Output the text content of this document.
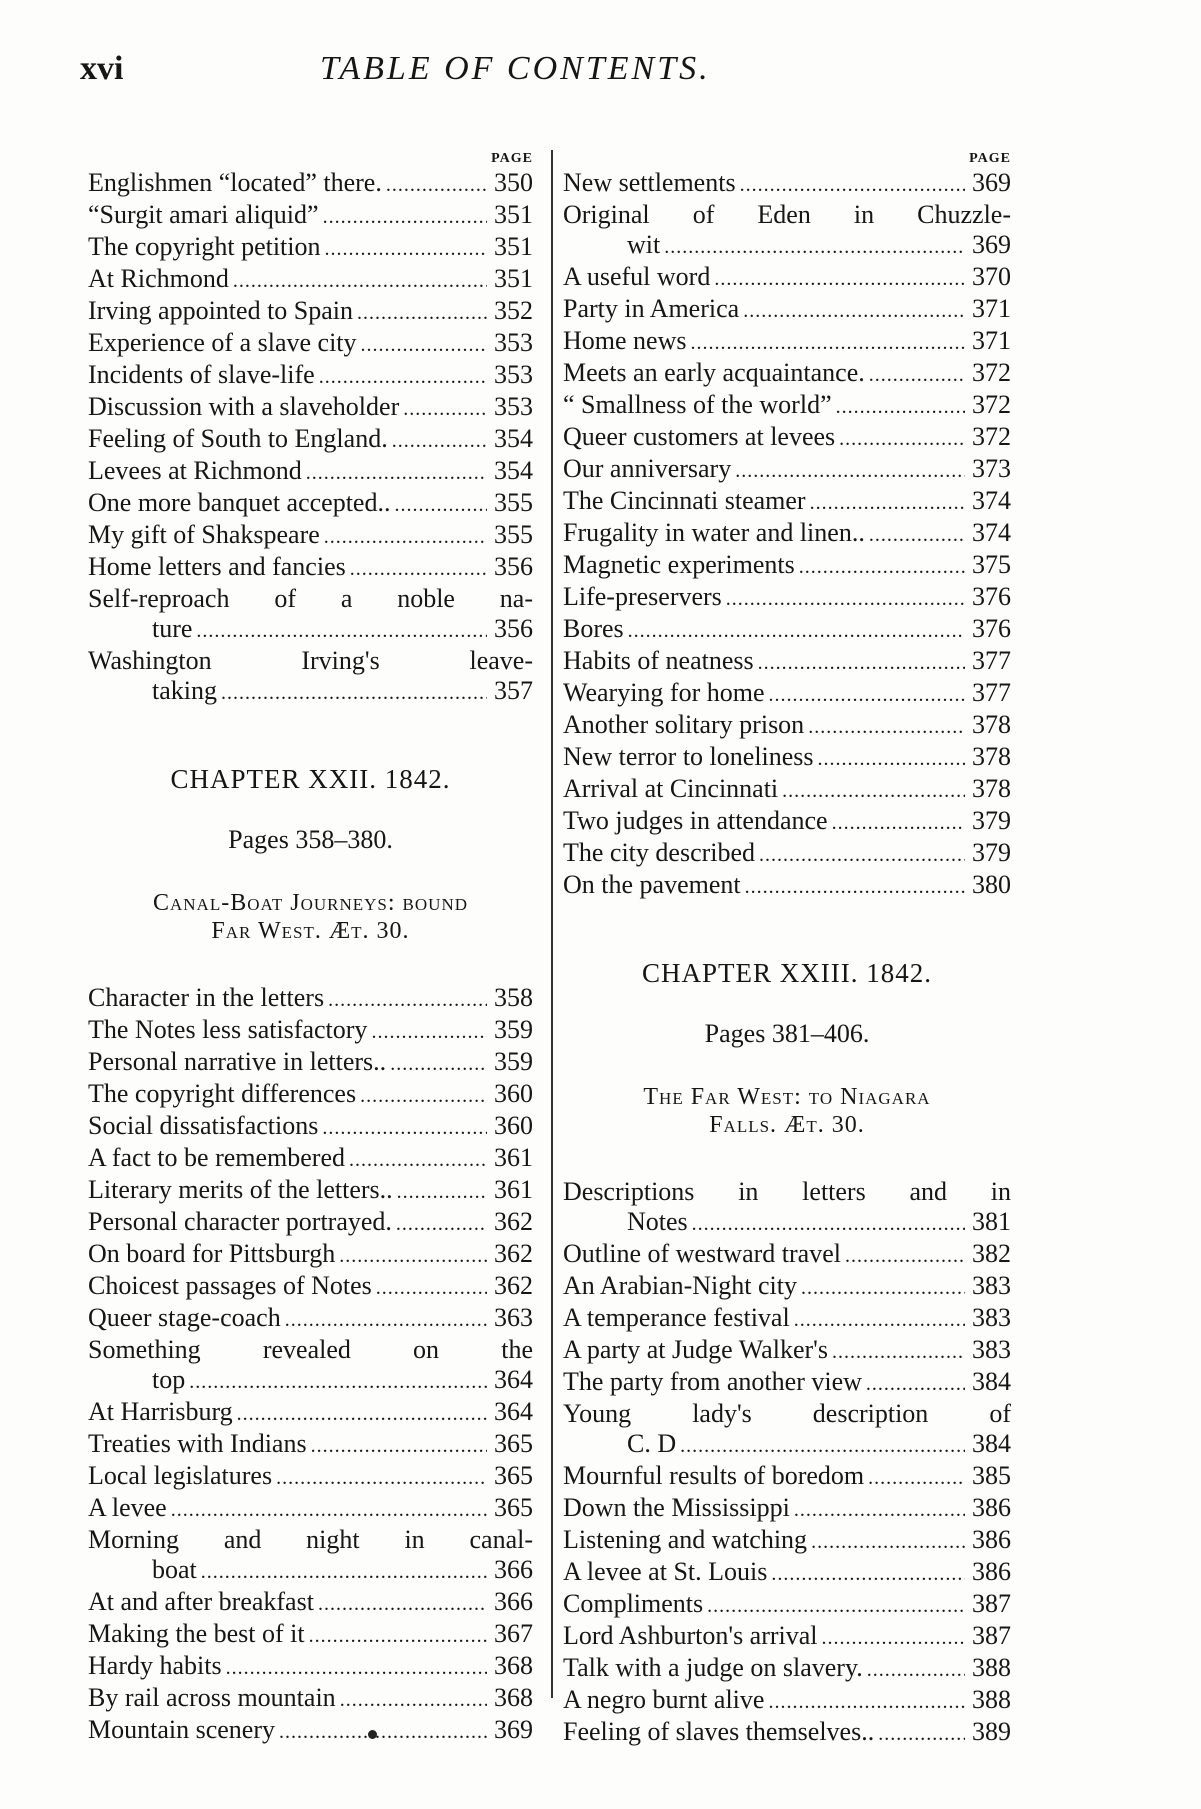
xvi	TABLE OF CONTENTS.
PAGE
Englishmen “located” there. .....	350
“Surgit amari aliquid” .....	351
The copyright petition .....	351
At Richmond .....	351
Irving appointed to Spain .....	352
Experience of a slave city .....	353
Incidents of slave-life .....	353
Discussion with a slaveholder .....	353
Feeling of South to England. .....	354
Levees at Richmond .....	354
One more banquet accepted.. .....	355
My gift of Shakspeare .....	355
Home letters and fancies .....	356
Self-reproach of a noble na-
ture .....	356
Washington Irving's leave-
taking .....	357
CHAPTER XXII. 1842.
Pages 358–380.
Canal-Boat Journeys: bound
Far West. Æt. 30.
Character in the letters .....	358
The Notes less satisfactory .....	359
Personal narrative in letters.. .....	359
The copyright differences .....	360
Social dissatisfactions .....	360
A fact to be remembered .....	361
Literary merits of the letters.. .....	361
Personal character portrayed. .....	362
On board for Pittsburgh .....	362
Choicest passages of Notes .....	362
Queer stage-coach .....	363
Something revealed on the
top .....	364
At Harrisburg .....	364
Treaties with Indians .....	365
Local legislatures .....	365
A levee .....	365
Morning and night in canal-
boat .....	366
At and after breakfast .....	366
Making the best of it .....	367
Hardy habits .....	368
By rail across mountain .....	368
Mountain scenery .....	369
PAGE
New settlements .....	369
Original of Eden in Chuzzle-
wit .....	369
A useful word .....	370
Party in America .....	371
Home news .....	371
Meets an early acquaintance. .....	372
“ Smallness of the world” .....	372
Queer customers at levees .....	372
Our anniversary .....	373
The Cincinnati steamer .....	374
Frugality in water and linen.. .....	374
Magnetic experiments .....	375
Life-preservers .....	376
Bores .....	376
Habits of neatness .....	377
Wearying for home .....	377
Another solitary prison .....	378
New terror to loneliness .....	378
Arrival at Cincinnati .....	378
Two judges in attendance .....	379
The city described .....	379
On the pavement .....	380
CHAPTER XXIII. 1842.
Pages 381–406.
The Far West: to Niagara
Falls. Æt. 30.
Descriptions in letters and in
Notes .....	381
Outline of westward travel .....	382
An Arabian-Night city .....	383
A temperance festival .....	383
A party at Judge Walker's .....	383
The party from another view .....	384
Young lady's description of
C. D .....	384
Mournful results of boredom .....	385
Down the Mississippi .....	386
Listening and watching .....	386
A levee at St. Louis .....	386
Compliments .....	387
Lord Ashburton's arrival .....	387
Talk with a judge on slavery. .....	388
A negro burnt alive .....	388
Feeling of slaves themselves.. .....	389
